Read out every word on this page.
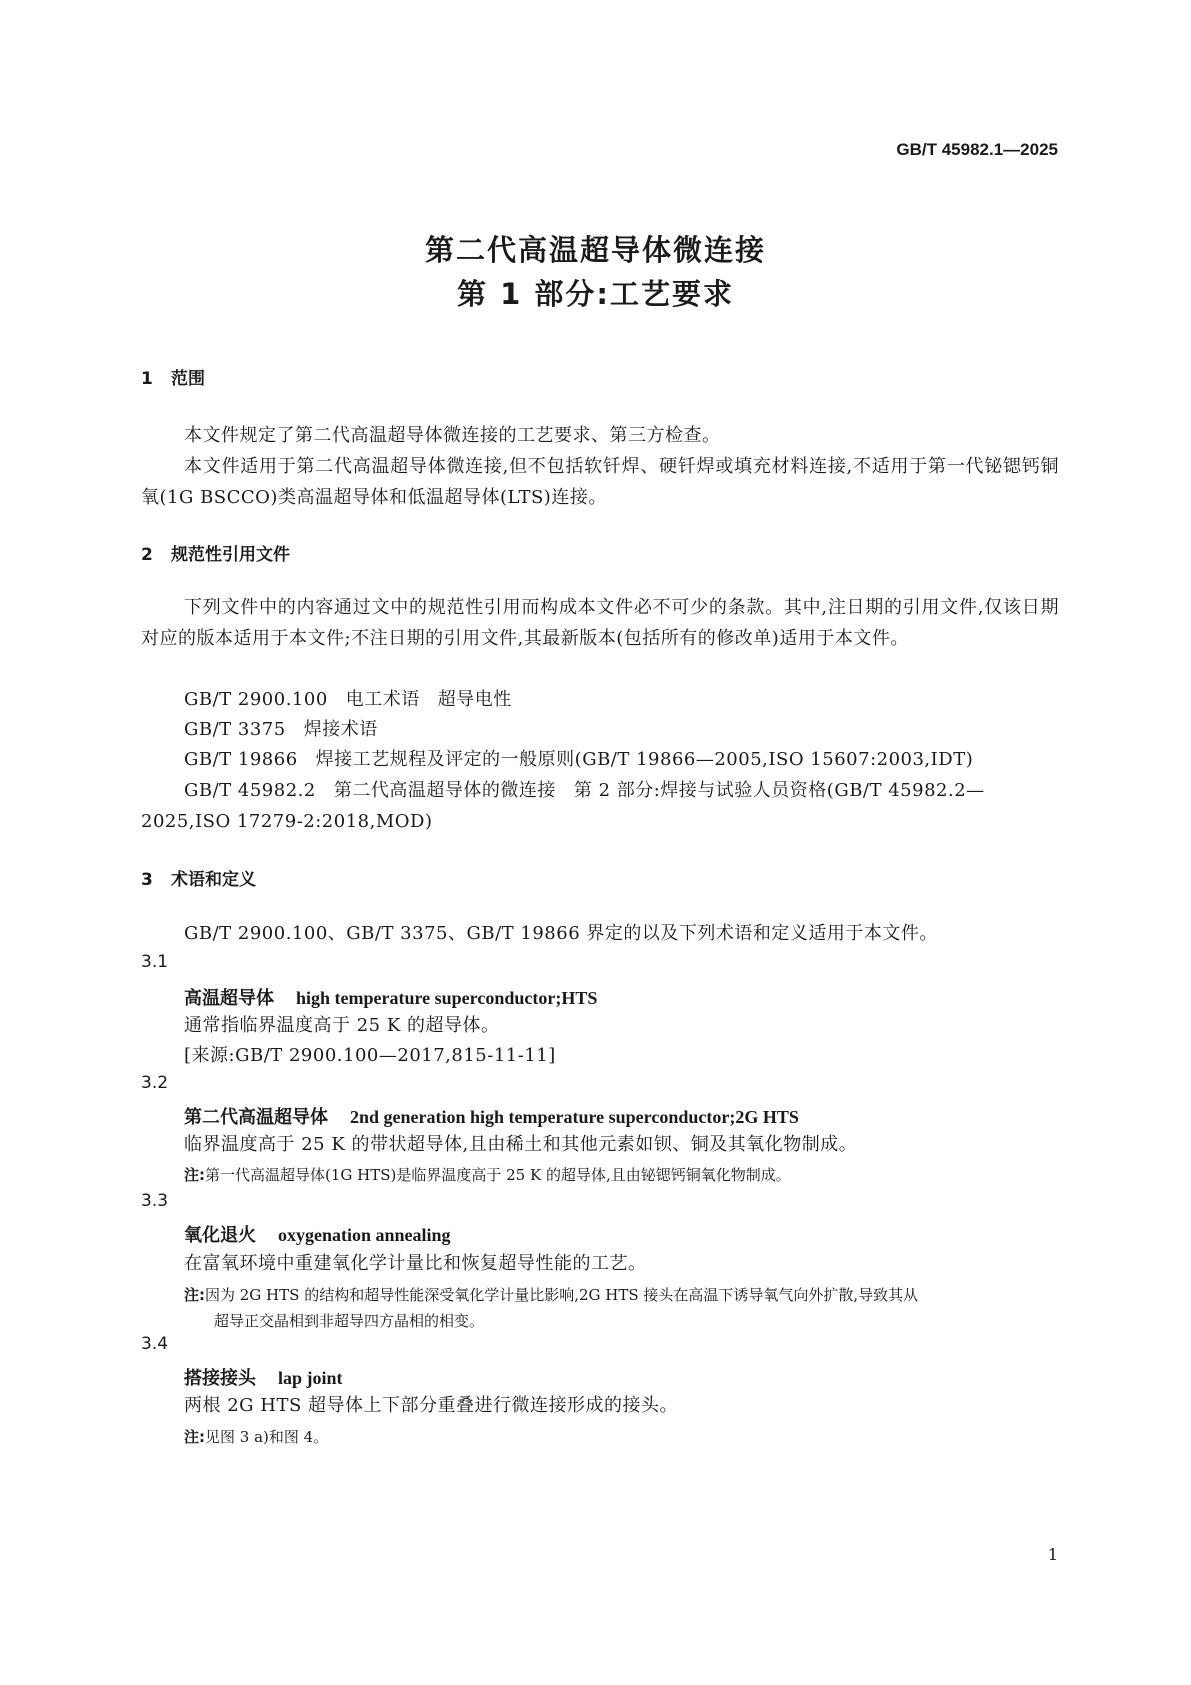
GB/T 45982.1—2025
第二代高温超导体微连接
第 1 部分:工艺要求
1 范围
本文件规定了第二代高温超导体微连接的工艺要求、第三方检查。
本文件适用于第二代高温超导体微连接,但不包括软钎焊、硬钎焊或填充材料连接,不适用于第一代铋锶钙铜氧(1G BSCCO)类高温超导体和低温超导体(LTS)连接。
2 规范性引用文件
下列文件中的内容通过文中的规范性引用而构成本文件必不可少的条款。其中,注日期的引用文件,仅该日期对应的版本适用于本文件;不注日期的引用文件,其最新版本(包括所有的修改单)适用于本文件。
GB/T 2900.100 电工术语 超导电性
GB/T 3375 焊接术语
GB/T 19866 焊接工艺规程及评定的一般原则(GB/T 19866—2005,ISO 15607:2003,IDT)
GB/T 45982.2 第二代高温超导体的微连接 第 2 部分:焊接与试验人员资格(GB/T 45982.2—
2025,ISO 17279-2:2018,MOD)
3 术语和定义
GB/T 2900.100、GB/T 3375、GB/T 19866 界定的以及下列术语和定义适用于本文件。
3.1
高温超导体 high temperature superconductor;HTS
通常指临界温度高于 25 K 的超导体。
[来源:GB/T 2900.100—2017,815-11-11]
3.2
第二代高温超导体 2nd generation high temperature superconductor;2G HTS
临界温度高于 25 K 的带状超导体,且由稀土和其他元素如钡、铜及其氧化物制成。
注:第一代高温超导体(1G HTS)是临界温度高于 25 K 的超导体,且由铋锶钙铜氧化物制成。
3.3
氧化退火 oxygenation annealing
在富氧环境中重建氧化学计量比和恢复超导性能的工艺。
注:因为 2G HTS 的结构和超导性能深受氧化学计量比影响,2G HTS 接头在高温下诱导氧气向外扩散,导致其从
超导正交晶相到非超导四方晶相的相变。
3.4
搭接接头 lap joint
两根 2G HTS 超导体上下部分重叠进行微连接形成的接头。
注:见图 3 a)和图 4。
1
